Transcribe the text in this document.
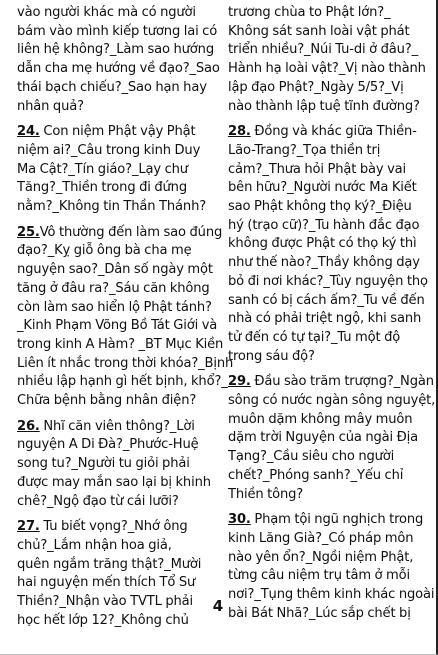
vào người khác mà có người
bám vào mình kiếp tương lai có
liên hệ không?_Làm sao hướng
dẫn cha mẹ hướng về đạo?_Sao
thái bạch chiếu?_Sao hạn hay
nhân quả?
24. Con niệm Phật vậy Phật
niệm ai?_Câu trong kinh Duy
Ma Cật?_Tín giáo?_Lạy chư
Tăng?_Thiền trong đi đứng
nằm?_Không tin Thần Thánh?
25.Vô thường đến làm sao đúng
đạo?_Kỵ giỗ ông bà cha mẹ
nguyện sao?_Dân số ngày một
tăng ở đâu ra?_Sáu căn không
còn làm sao hiển lộ Phật tánh?
_Kinh Phạm Võng Bồ Tát Giới và
trong kinh A Hàm? _BT Mục Kiền
Liên ít nhắc trong thời khóa?_Bịnh
nhiều lập hạnh gì hết bịnh, khổ?_
Chữa bệnh bằng nhân điện?
26. Nhĩ căn viên thông?_Lời
nguyện A Di Đà?_Phước-Huệ
song tu?_Người tu giỏi phải
được may mắn sao lại bị khinh
chê?_Ngộ đạo từ cái lưỡi?
27. Tu biết vọng?_Nhớ ông
chủ?_Lắm nhận hoa giả,
quên ngắm trăng thật?_Mười
hai nguyện mến thích Tổ Sư
Thiền?_Nhận vào TVTL phải
học hết lớp 12?_Không chủ
trương chùa to Phật lớn?_
Không sát sanh loài vật phát
triển nhiều?_Núi Tu-di ở đâu?_
Hành hạ loài vật?_Vị nào thành
lập đạo Phật?_Ngày 5/5?_Vị
nào thành lập tuệ tĩnh đường?
28. Đồng và khác giữa Thiền-
Lão-Trang?_Tọa thiền trị
cảm?_Thưa hỏi Phật bày vai
bên hữu?_Người nước Ma Kiết
sao Phật không thọ ký?_Điệu
hý (trạo cữ)?_Tu hành đắc đạo
không được Phật có thọ ký thì
như thế nào?_Thầy không dạy
bỏ đi nơi khác?_Tùy nguyện thọ
sanh có bị cách ấm?_Tu về đến
nhà có phải triệt ngộ, khi sanh
tử đến có tự tại?_Tu một độ
trong sáu độ?
29. Đầu sào trăm trượng?_Ngàn
sông có nước ngàn sông nguyệt,
muôn dặm không mây muôn
dặm trời Nguyện của ngài Địa
Tạng?_Cầu siêu cho người
chết?_Phóng sanh?_Yếu chỉ
Thiền tông?
30. Phạm tội ngũ nghịch trong
kinh Lăng Già?_Có pháp môn
nào yên ổn?_Ngồi niệm Phật,
từng câu niệm trụ tâm ở mỗi
nơi?_Tụng thêm kinh khác ngoài
bài Bát Nhã?_Lúc sắp chết bị
4
